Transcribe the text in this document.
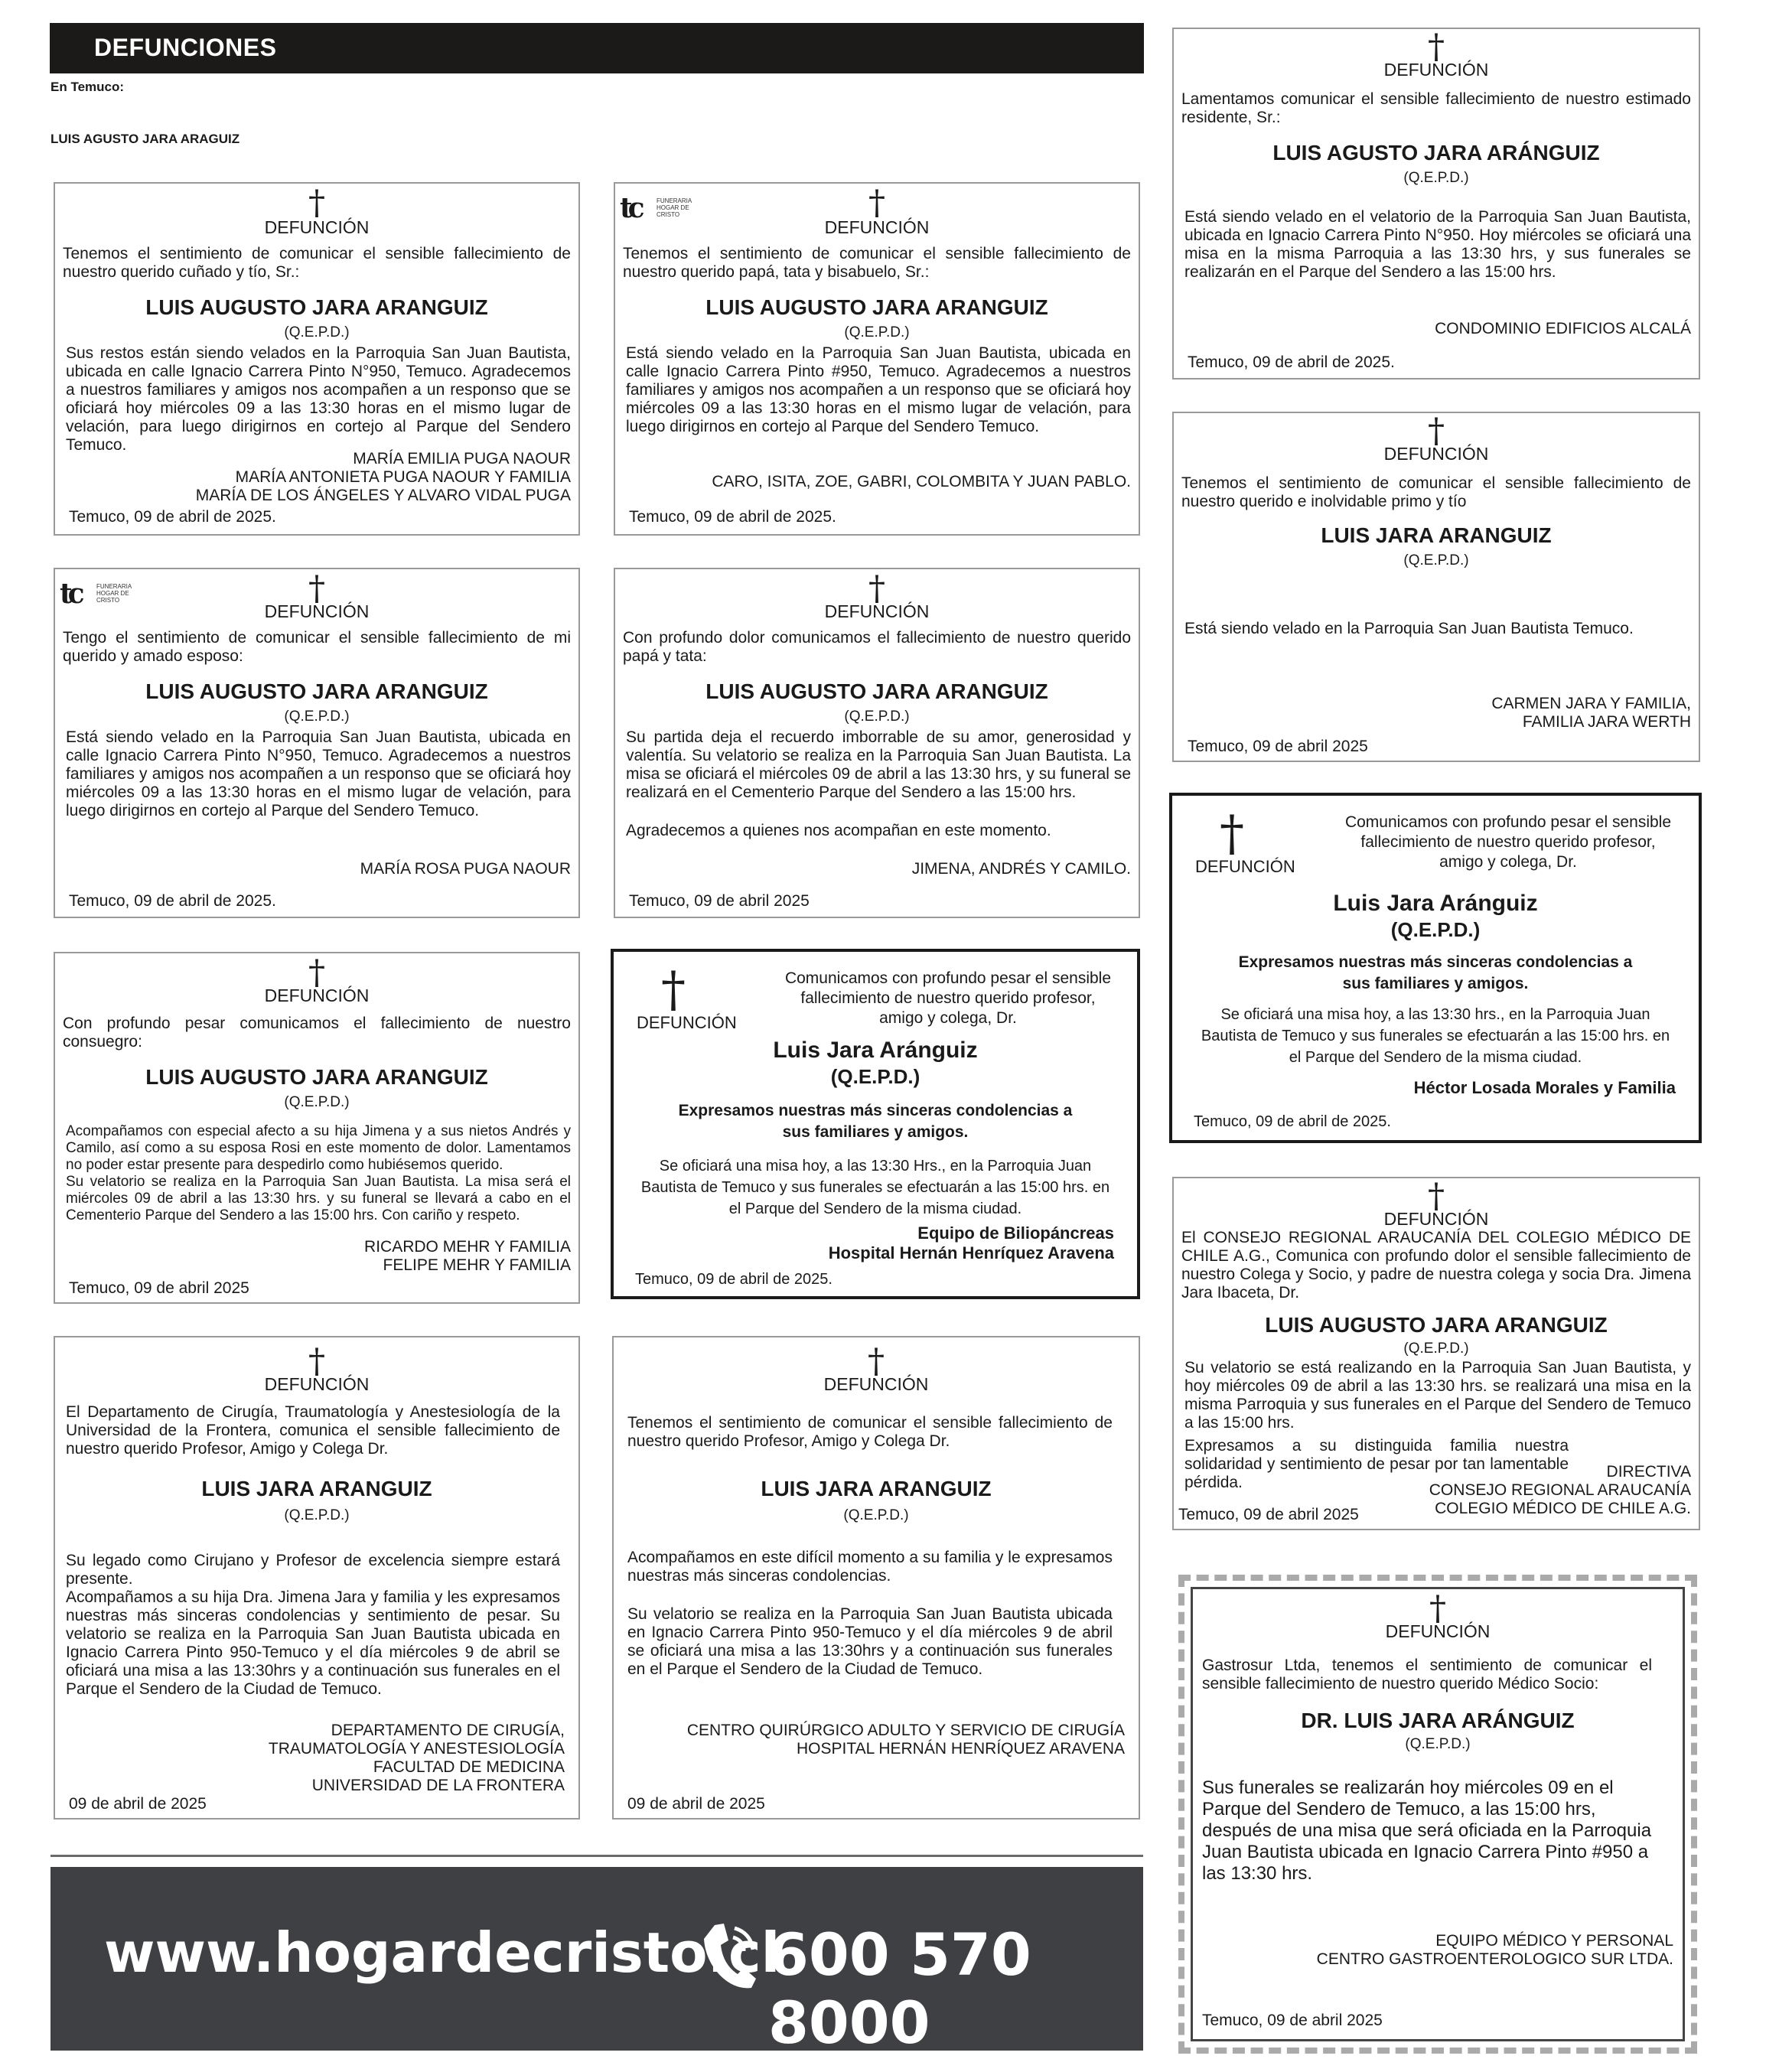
DEFUNCIONES
En Temuco:
LUIS AGUSTO JARA ARAGUIZ
†
DEFUNCIÓN
Tenemos el sentimiento de comunicar el sensible fallecimiento de nuestro querido cuñado y tío, Sr.:
LUIS AUGUSTO JARA ARANGUIZ
(Q.E.P.D.)
Sus restos están siendo velados en la Parroquia San Juan Bautista, ubicada en calle Ignacio Carrera Pinto N°950, Temuco. Agradecemos a nuestros familiares y amigos nos acompañen a un responso que se oficiará hoy miércoles 09 a las 13:30 horas en el mismo lugar de velación, para luego dirigirnos en cortejo al Parque del Sendero Temuco.
MARÍA EMILIA PUGA NAOUR
MARÍA ANTONIETA PUGA NAOUR Y FAMILIA
MARÍA DE LOS ÁNGELES Y ALVARO VIDAL PUGA
Temuco, 09 de abril de 2025.
tc	FUNERARIA HOGAR DE CRISTO	†
DEFUNCIÓN
Tenemos el sentimiento de comunicar el sensible fallecimiento de nuestro querido papá, tata y bisabuelo, Sr.:
LUIS AUGUSTO JARA ARANGUIZ
(Q.E.P.D.)
Está siendo velado en la Parroquia San Juan Bautista, ubicada en calle Ignacio Carrera Pinto #950, Temuco. Agradecemos a nuestros familiares y amigos nos acompañen a un responso que se oficiará hoy miércoles 09 a las 13:30 horas en el mismo lugar de velación, para luego dirigirnos en cortejo al Parque del Sendero Temuco.
CARO, ISITA, ZOE, GABRI, COLOMBITA Y JUAN PABLO.
Temuco, 09 de abril de 2025.
tc	FUNERARIA HOGAR DE CRISTO	†
DEFUNCIÓN
Tengo el sentimiento de comunicar el sensible fallecimiento de mi querido y amado esposo:
LUIS AUGUSTO JARA ARANGUIZ
(Q.E.P.D.)
Está siendo velado en la Parroquia San Juan Bautista, ubicada en calle Ignacio Carrera Pinto N°950, Temuco. Agradecemos a nuestros familiares y amigos nos acompañen a un responso que se oficiará hoy miércoles 09 a las 13:30 horas en el mismo lugar de velación, para luego dirigirnos en cortejo al Parque del Sendero Temuco.
MARÍA ROSA PUGA NAOUR
Temuco, 09 de abril de 2025.
†
DEFUNCIÓN
Con profundo dolor comunicamos el fallecimiento de nuestro querido papá y tata:
LUIS AUGUSTO JARA ARANGUIZ
(Q.E.P.D.)
Su partida deja el recuerdo imborrable de su amor, generosidad y valentía. Su velatorio se realiza en la Parroquia San Juan Bautista. La misa se oficiará el miércoles 09 de abril a las 13:30 hrs, y su funeral se realizará en el Cementerio Parque del Sendero a las 15:00 hrs.
Agradecemos a quienes nos acompañan en este momento.
JIMENA, ANDRÉS Y CAMILO.
Temuco, 09 de abril 2025
†
DEFUNCIÓN
Con profundo pesar comunicamos el fallecimiento de nuestro consuegro:
LUIS AUGUSTO JARA ARANGUIZ
(Q.E.P.D.)
Acompañamos con especial afecto a su hija Jimena y a sus nietos Andrés y Camilo, así como a su esposa Rosi en este momento de dolor. Lamentamos no poder estar presente para despedirlo como hubiésemos querido.
Su velatorio se realiza en la Parroquia San Juan Bautista. La misa será el miércoles 09 de abril a las 13:30 hrs. y su funeral se llevará a cabo en el Cementerio Parque del Sendero a las 15:00 hrs. Con cariño y respeto.
RICARDO MEHR Y FAMILIA
FELIPE MEHR Y FAMILIA
Temuco, 09 de abril 2025
†
DEFUNCIÓN
Comunicamos con profundo pesar el sensible fallecimiento de nuestro querido profesor, amigo y colega, Dr.
Luis Jara Aránguiz
(Q.E.P.D.)
Expresamos nuestras más sinceras condolencias a sus familiares y amigos.
Se oficiará una misa hoy, a las 13:30 Hrs., en la Parroquia Juan Bautista de Temuco y sus funerales se efectuarán a las 15:00 hrs. en el Parque del Sendero de la misma ciudad.
Equipo de Biliopáncreas
Hospital Hernán Henríquez Aravena
Temuco, 09 de abril de 2025.
†
DEFUNCIÓN
El Departamento de Cirugía, Traumatología y Anestesiología de la Universidad de la Frontera, comunica el sensible fallecimiento de nuestro querido Profesor, Amigo y Colega Dr.
LUIS JARA ARANGUIZ
(Q.E.P.D.)
Su legado como Cirujano y Profesor de excelencia siempre estará presente.
Acompañamos a su hija Dra. Jimena Jara y familia y les expresamos nuestras más sinceras condolencias y sentimiento de pesar. Su velatorio se realiza en la Parroquia San Juan Bautista ubicada en Ignacio Carrera Pinto 950-Temuco y el día miércoles 9 de abril se oficiará una misa a las 13:30hrs y a continuación sus funerales en el Parque el Sendero de la Ciudad de Temuco.
DEPARTAMENTO DE CIRUGÍA,
TRAUMATOLOGÍA Y ANESTESIOLOGÍA
FACULTAD DE MEDICINA
UNIVERSIDAD DE LA FRONTERA
09 de abril de 2025
†
DEFUNCIÓN
Tenemos el sentimiento de comunicar el sensible fallecimiento de nuestro querido Profesor, Amigo y Colega Dr.
LUIS JARA ARANGUIZ
(Q.E.P.D.)
Acompañamos en este difícil momento a su familia y le expresamos nuestras más sinceras condolencias.
Su velatorio se realiza en la Parroquia San Juan Bautista ubicada en Ignacio Carrera Pinto 950-Temuco y el día miércoles 9 de abril se oficiará una misa a las 13:30hrs y a continuación sus funerales en el Parque el Sendero de la Ciudad de Temuco.
CENTRO QUIRÚRGICO ADULTO Y SERVICIO DE CIRUGÍA
HOSPITAL HERNÁN HENRÍQUEZ ARAVENA
09 de abril de 2025
†
DEFUNCIÓN
Lamentamos comunicar el sensible fallecimiento de nuestro estimado residente, Sr.:
LUIS AGUSTO JARA ARÁNGUIZ
(Q.E.P.D.)
Está siendo velado en el velatorio de la Parroquia San Juan Bautista, ubicada en Ignacio Carrera Pinto N°950. Hoy miércoles se oficiará una misa en la misma Parroquia a las 13:30 hrs, y sus funerales se realizarán en el Parque del Sendero a las 15:00 hrs.
CONDOMINIO EDIFICIOS ALCALÁ
Temuco, 09 de abril de 2025.
†
DEFUNCIÓN
Tenemos el sentimiento de comunicar el sensible fallecimiento de nuestro querido e inolvidable primo y tío
LUIS JARA ARANGUIZ
(Q.E.P.D.)
Está siendo velado en la Parroquia San Juan Bautista Temuco.
CARMEN JARA Y FAMILIA,
FAMILIA JARA WERTH
Temuco, 09 de abril 2025
†
DEFUNCIÓN
Comunicamos con profundo pesar el sensible fallecimiento de nuestro querido profesor, amigo y colega, Dr.
Luis Jara Aránguiz
(Q.E.P.D.)
Expresamos nuestras más sinceras condolencias a sus familiares y amigos.
Se oficiará una misa hoy, a las 13:30 hrs., en la Parroquia Juan Bautista de Temuco y sus funerales se efectuarán a las 15:00 hrs. en el Parque del Sendero de la misma ciudad.
Héctor Losada Morales y Familia
Temuco, 09 de abril de 2025.
†
DEFUNCIÓN
El CONSEJO REGIONAL ARAUCANÍA DEL COLEGIO MÉDICO DE CHILE A.G., Comunica con profundo dolor el sensible fallecimiento de nuestro Colega y Socio, y padre de nuestra colega y socia Dra. Jimena Jara Ibaceta, Dr.
LUIS AUGUSTO JARA ARANGUIZ
(Q.E.P.D.)
Su velatorio se está realizando en la Parroquia San Juan Bautista, y hoy miércoles 09 de abril a las 13:30 hrs. se realizará una misa en la misma Parroquia y sus funerales en el Parque del Sendero de Temuco a las 15:00 hrs.
Expresamos a su distinguida familia nuestra solidaridad y sentimiento de pesar por tan lamentable pérdida.
DIRECTIVA
CONSEJO REGIONAL ARAUCANÍA
COLEGIO MÉDICO DE CHILE A.G.
Temuco, 09 de abril 2025
†
DEFUNCIÓN
Gastrosur Ltda, tenemos el sentimiento de comunicar el sensible fallecimiento de nuestro querido Médico Socio:
DR. LUIS JARA ARÁNGUIZ
(Q.E.P.D.)
Sus funerales se realizarán hoy miércoles 09 en el Parque del Sendero de Temuco, a las 15:00 hrs, después de una misa que será oficiada en la Parroquia Juan Bautista ubicada en Ignacio Carrera Pinto #950 a las 13:30 hrs.
EQUIPO MÉDICO Y PERSONAL
CENTRO GASTROENTEROLOGICO SUR LTDA.
Temuco, 09 de abril 2025
www.hogardecristo.cl
600 570 8000
